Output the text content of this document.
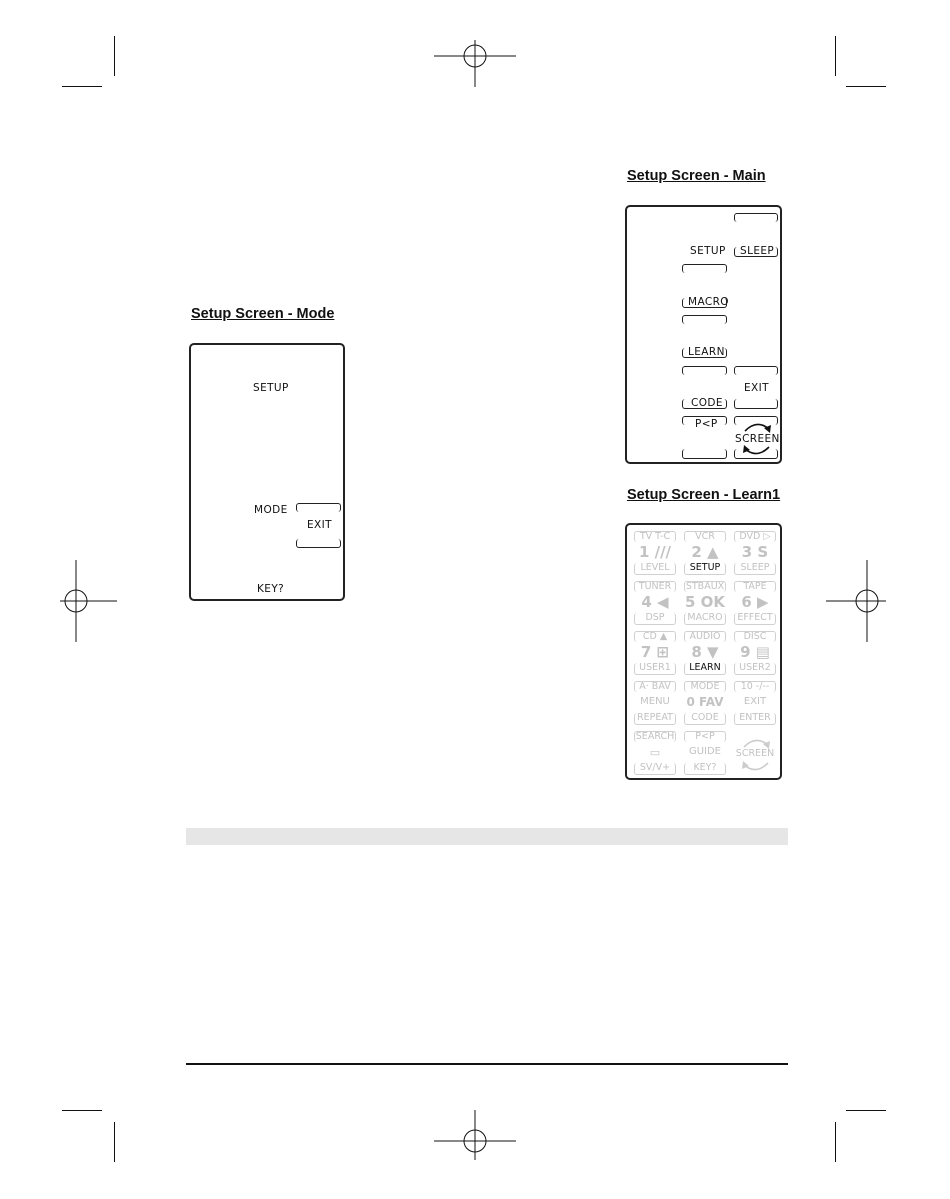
Setup Screen - Main
Setup Screen - Mode
Setup Screen - Learn1
SETUP
MODE
EXIT
KEY?
SETUP SLEEP
MACRO
LEARN
EXIT
CODE
P<P
SCREEN
TV T-C
1 ///
LEVEL
VCR
2 ▲
SETUP
DVD ▷
3 S
SLEEP
TUNER
4 ◀
DSP
STBAUX
5 OK
MACRO
TAPE
6 ▶
EFFECT
CD ▲
7 ⊞
USER1
AUDIO
8 ▼
LEARN
DISC
9 ▤
USER2
A· BAV
MENU
REPEAT
MODE
0 FAV
CODE
10 -/--
EXIT
ENTER
SEARCH
▭
SV/V+
P<P
GUIDE
KEY?
SCREEN
